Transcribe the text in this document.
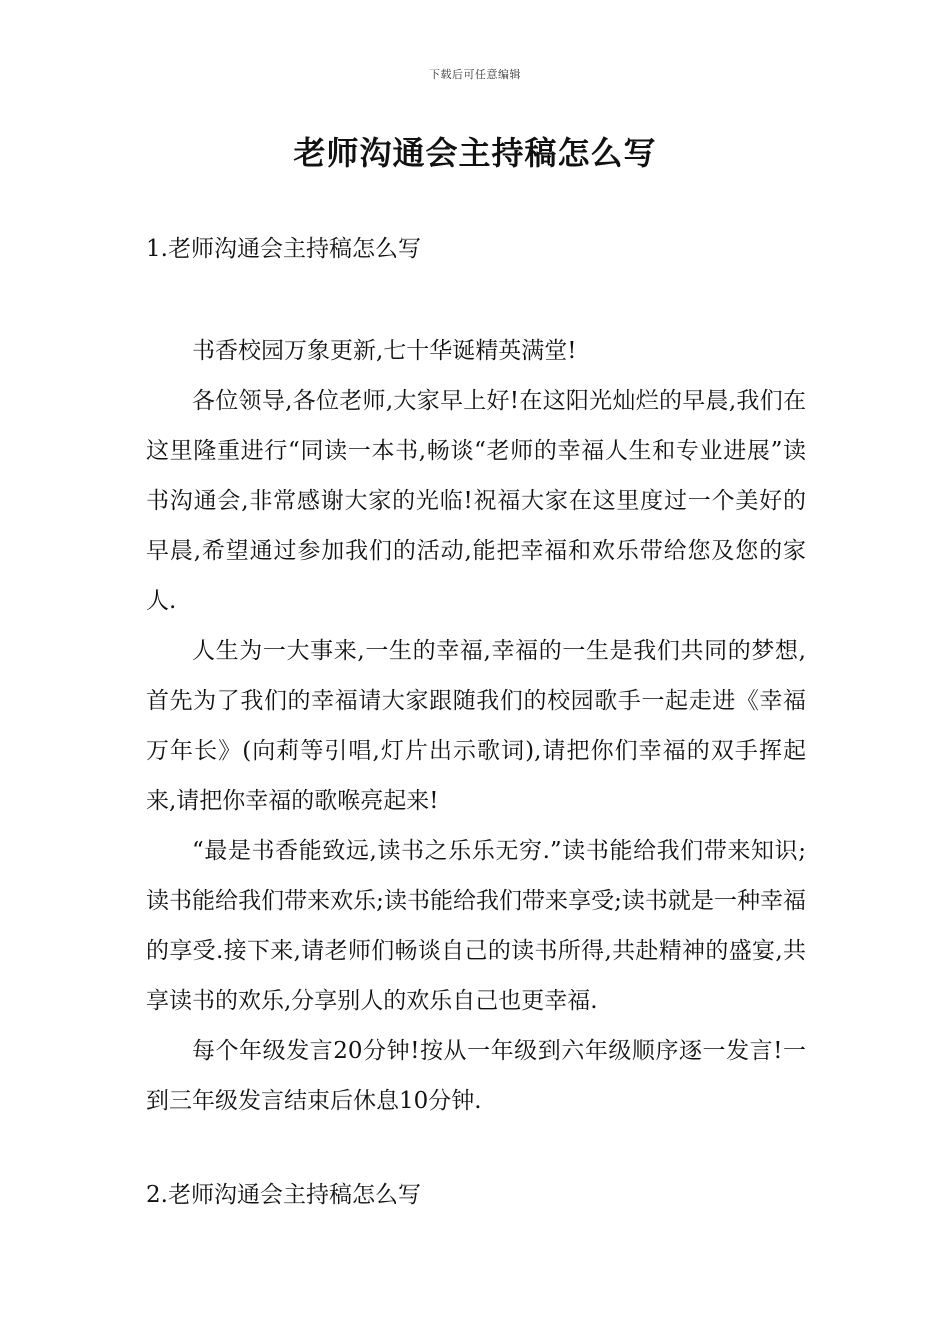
下载后可任意编辑
老师沟通会主持稿怎么写
1.老师沟通会主持稿怎么写

书香校园万象更新,七十华诞精英满堂!

各位领导,各位老师,大家早上好!在这阳光灿烂的早晨,我们在这里隆重进行“同读一本书,畅谈“老师的幸福人生和专业进展”读书沟通会,非常感谢大家的光临!祝福大家在这里度过一个美好的早晨,希望通过参加我们的活动,能把幸福和欢乐带给您及您的家人.

人生为一大事来,一生的幸福,幸福的一生是我们共同的梦想,首先为了我们的幸福请大家跟随我们的校园歌手一起走进《幸福万年长》(向莉等引唱,灯片出示歌词),请把你们幸福的双手挥起来,请把你幸福的歌喉亮起来!

“最是书香能致远,读书之乐乐无穷.”读书能给我们带来知识;读书能给我们带来欢乐;读书能给我们带来享受;读书就是一种幸福的享受.接下来,请老师们畅谈自己的读书所得,共赴精神的盛宴,共享读书的欢乐,分享别人的欢乐自己也更幸福.

每个年级发言20分钟!按从一年级到六年级顺序逐一发言!一到三年级发言结束后休息10分钟.

2.老师沟通会主持稿怎么写
